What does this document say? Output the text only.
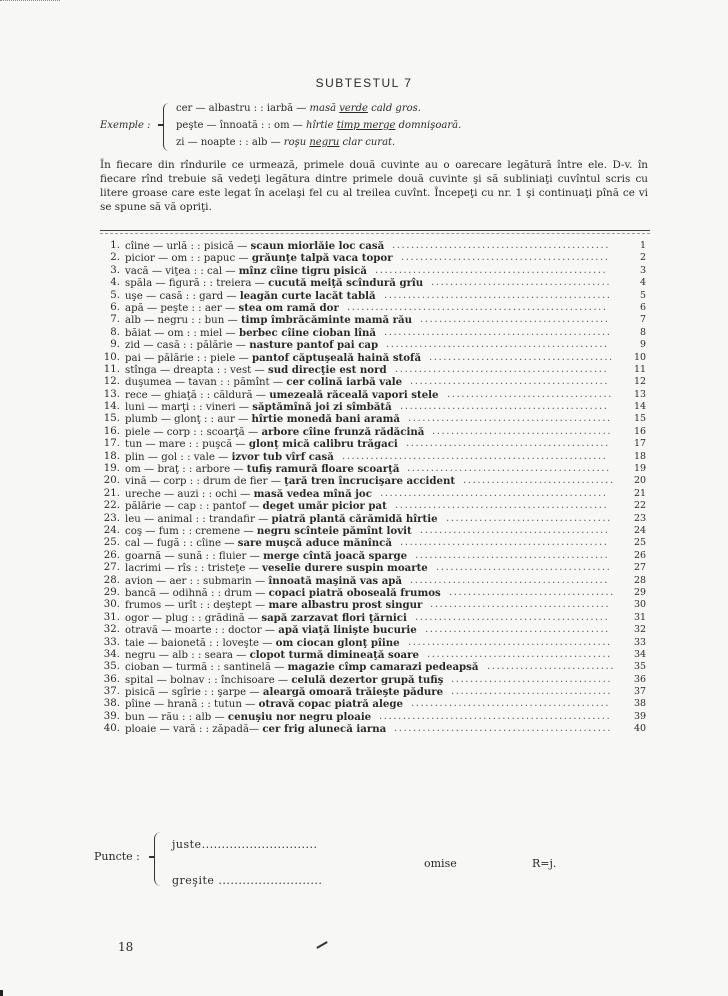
SUBTESTUL 7
Exemple :
cer — albastru : : iarbă — masă verde cald gros.
peşte — înnoată : : om — hîrtie timp merge domnişoară.
zi — noapte : : alb — roşu negru clar curat.
În fiecare din rîndurile ce urmează, primele două cuvinte au o oarecare legătură între ele. D-v. în fiecare rînd trebuie să vedeţi legătura dintre primele două cuvinte şi să subliniaţi cuvîntul scris cu litere groase care este legat în acelaşi fel cu al treilea cuvînt. Începeţi cu nr. 1 şi continuaţi pînă ce vi se spune să vă opriţi.
1. cîine — urlă : : pisică — scaun miorlăie loc casă ..............................................	1
2. picior — om : : papuc — grăunţe talpă vaca topor ............................................	2
3. vacă — viţea : : cal — mînz cîine tigru pisică .................................................	3
4. spăla — figură : : treiera — cucută meiţă scîndură grîu ......................................	4
5. uşe — casă : : gard — leagăn curte lacăt tablă ................................................	5
6. apă — peşte : : aer — stea om ramă dor .......................................................	6
7. alb — negru : : bun — timp îmbrăcăminte mamă rău ........................................	7
8. băiat — om : : miel — berbec cîine cioban lînă ................................................	8
9. zid — casă : : pălărie — nasture pantof pai cap ...............................................	9
10. pai — pălărie : : piele — pantof căptuşeală haină stofă .......................................	10
11. stînga — dreapta : : vest — sud direcţie est nord .............................................	11
12. duşumea — tavan : : pămînt — cer colină iarbă vale ..........................................	12
13. rece — ghiaţă : : căldură — umezeală răceală vapori stele ...................................	13
14. luni — marţi : : vineri — săptămînă joi zi sîmbătă ............................................	14
15. plumb — glonţ : : aur — hîrtie monedă bani aramă ...........................................	15
16. piele — corp : : scoarţă — arbore cîine frunză rădăcină ......................................	16
17. tun — mare : : puşcă — glonţ mică calibru trăgaci ...........................................	17
18. plin — gol : : vale — izvor tub vîrf casă ........................................................	18
19. om — braţ : : arbore — tufiş ramură floare scoarţă ...........................................	19
20. vină — corp : : drum de fier — ţară tren încrucişare accident ................................	20
21. ureche — auzi : : ochi — masă vedea mînă joc ................................................	21
22. pălărie — cap : : pantof — deget umăr picior pat .............................................	22
23. leu — animal : : trandafir — piatră plantă cărămidă hîrtie ...................................	23
24. coş — fum : : cremene — negru scînteie pămînt lovit ........................................	24
25. cal — fugă : : cîine — sare muşcă aduce mănîncă ............................................	25
26. goarnă — sună : : fluier — merge cîntă joacă sparge .........................................	26
27. lacrimi — rîs : : tristeţe — veselie durere suspin moarte .....................................	27
28. avion — aer : : submarin — înnoată maşină vas apă ..........................................	28
29. bancă — odihnă : : drum — copaci piatră oboseală frumos ...................................	29
30. frumos — urît : : deştept — mare albastru prost singur ......................................	30
31. ogor — plug : : grădină — sapă zarzavat flori ţărnici .........................................	31
32. otravă — moarte : : doctor — apă viaţă linişte bucurie .......................................	32
33. taie — baionetă : : loveşte — om ciocan glonţ pîine ...........................................	33
34. negru — alb : : seara — clopot turmă dimineaţă soare .......................................	34
35. cioban — turmă : : santinelă — magazie cîmp camarazi pedeapsă ...........................	35
36. spital — bolnav : : închisoare — celulă dezertor grupă tufiş ..................................	36
37. pisică — sgîrie : : şarpe — aleargă omoară trăieşte pădure ..................................	37
38. pîine — hrană : : tutun — otravă copac piatră alege ..........................................	38
39. bun — rău : : alb — cenuşiu nor negru ploaie .................................................	39
40. ploaie — vară : : zăpadă— cer frig alunecă iarna ..............................................	40
Puncte :
juste.............................
greşite ..........................
omise	R=j.
18
